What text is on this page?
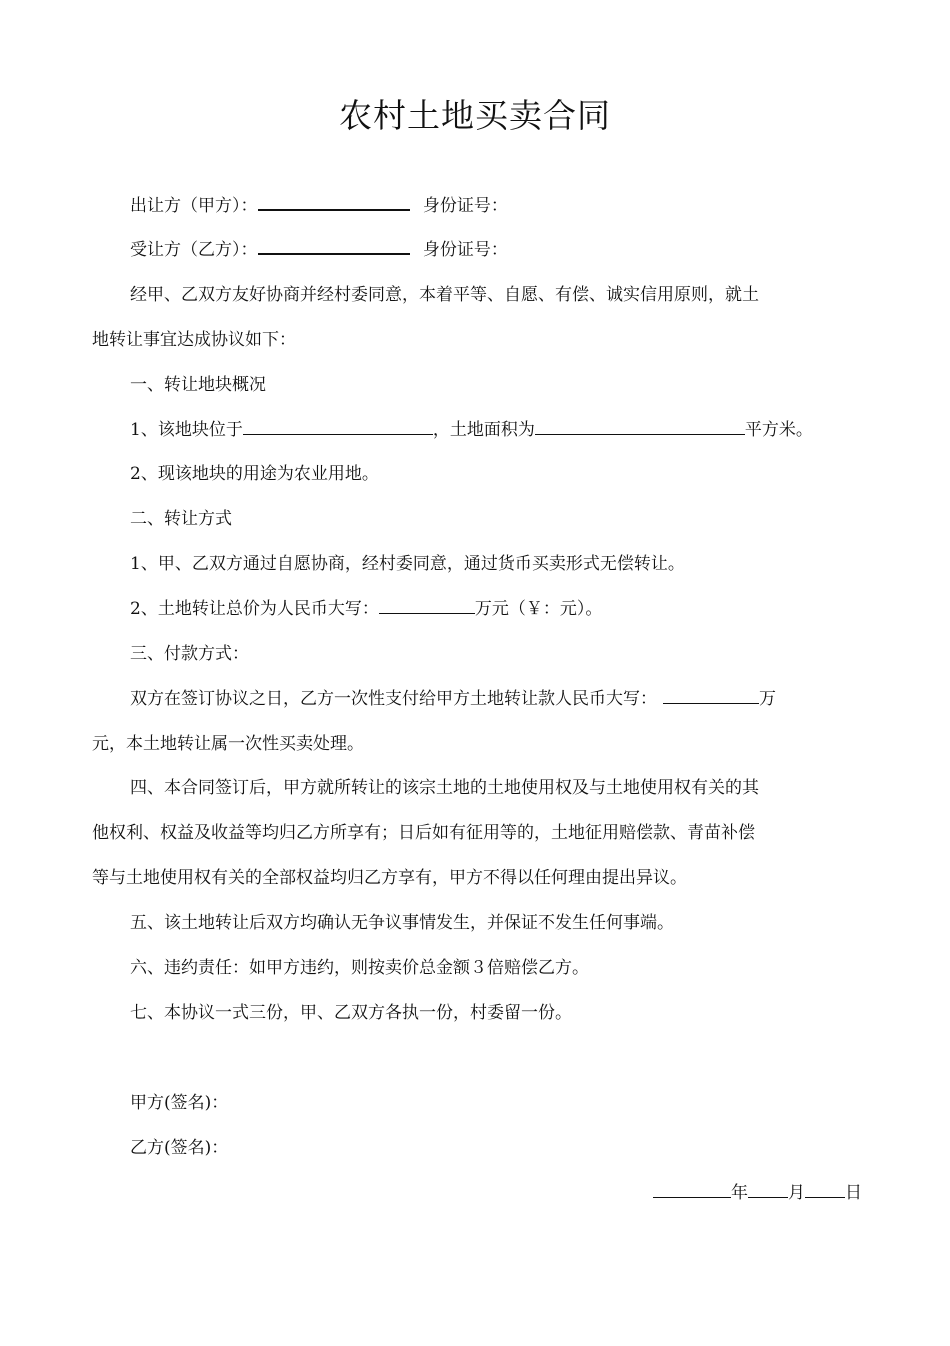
农村土地买卖合同
出让方（甲方）：	身份证号：
受让方（乙方）：	身份证号：
经甲、乙双方友好协商并经村委同意，本着平等、自愿、有偿、诚实信用原则，就土
地转让事宜达成协议如下：
一、转让地块概况
1、该地块位于	，土地面积为	平方米。
2、现该地块的用途为农业用地。
二、转让方式
1、甲、乙双方通过自愿协商，经村委同意，通过货币买卖形式无偿转让。
2、土地转让总价为人民币大写：	万元（￥：元）。
三、付款方式：
双方在签订协议之日，乙方一次性支付给甲方土地转让款人民币大写：	万
元，本土地转让属一次性买卖处理。
四、本合同签订后，甲方就所转让的该宗土地的土地使用权及与土地使用权有关的其
他权利、权益及收益等均归乙方所享有；日后如有征用等的，土地征用赔偿款、青苗补偿
等与土地使用权有关的全部权益均归乙方享有，甲方不得以任何理由提出异议。
五、该土地转让后双方均确认无争议事情发生，并保证不发生任何事端。
六、违约责任：如甲方违约，则按卖价总金额３倍赔偿乙方。
七、本协议一式三份，甲、乙双方各执一份，村委留一份。
甲方(签名)：
乙方(签名)：
年 月 日
